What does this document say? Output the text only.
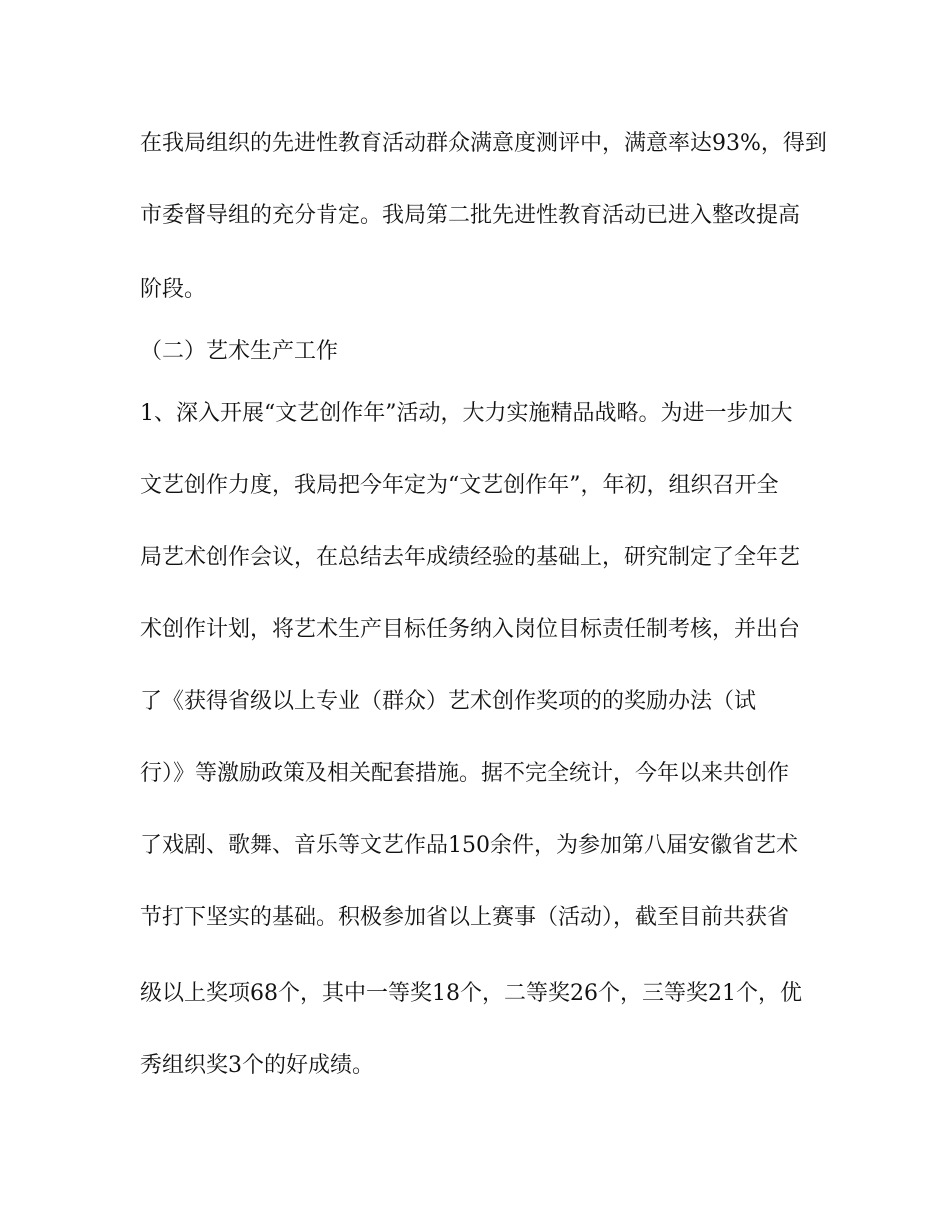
在我局组织的先进性教育活动群众满意度测评中，满意率达93%，得到

市委督导组的充分肯定。我局第二批先进性教育活动已进入整改提高

阶段。

（二）艺术生产工作

1、深入开展“文艺创作年”活动，大力实施精品战略。为进一步加大

文艺创作力度，我局把今年定为“文艺创作年”，年初，组织召开全

局艺术创作会议，在总结去年成绩经验的基础上，研究制定了全年艺

术创作计划，将艺术生产目标任务纳入岗位目标责任制考核，并出台

了《获得省级以上专业（群众）艺术创作奖项的的奖励办法（试

行）》等激励政策及相关配套措施。据不完全统计，今年以来共创作

了戏剧、歌舞、音乐等文艺作品150余件，为参加第八届安徽省艺术

节打下坚实的基础。积极参加省以上赛事（活动），截至目前共获省

级以上奖项68个，其中一等奖18个，二等奖26个，三等奖21个，优

秀组织奖3个的好成绩。
